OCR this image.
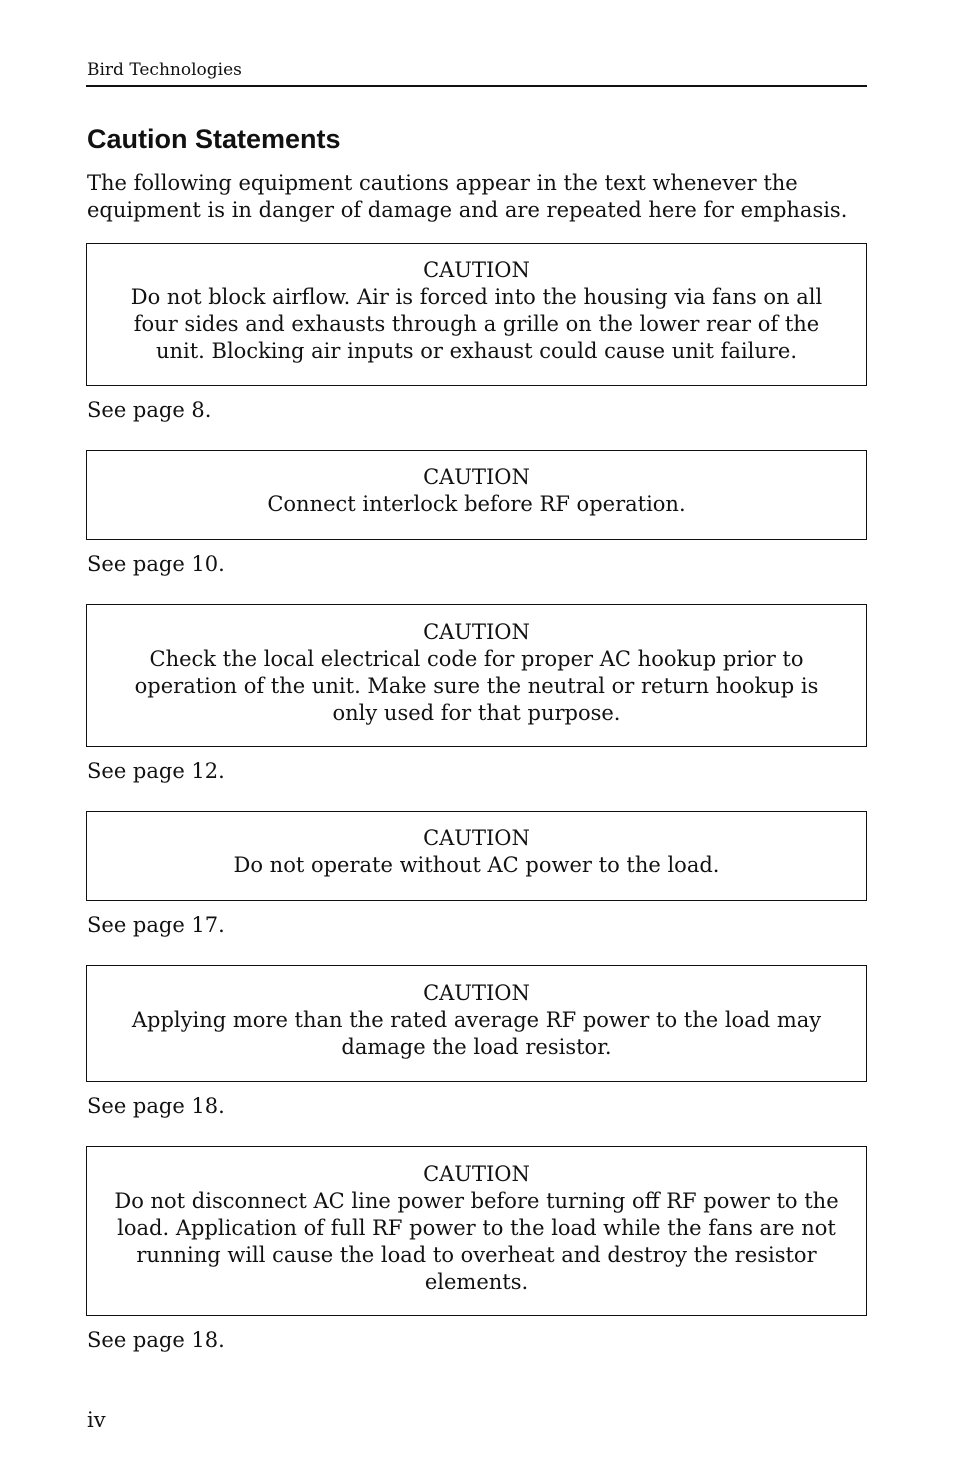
Bird Technologies
Caution Statements

The following equipment cautions appear in the text whenever the equipment is in danger of damage and are repeated here for emphasis.

CAUTION
Do not block airflow. Air is forced into the housing via fans on all four sides and exhausts through a grille on the lower rear of the unit. Blocking air inputs or exhaust could cause unit failure.

See page 8.

CAUTION
Connect interlock before RF operation.

See page 10.

CAUTION
Check the local electrical code for proper AC hookup prior to operation of the unit. Make sure the neutral or return hookup is only used for that purpose.

See page 12.

CAUTION
Do not operate without AC power to the load.

See page 17.

CAUTION
Applying more than the rated average RF power to the load may damage the load resistor.

See page 18.

CAUTION
Do not disconnect AC line power before turning off RF power to the load. Application of full RF power to the load while the fans are not running will cause the load to overheat and destroy the resistor elements.

See page 18.

iv
